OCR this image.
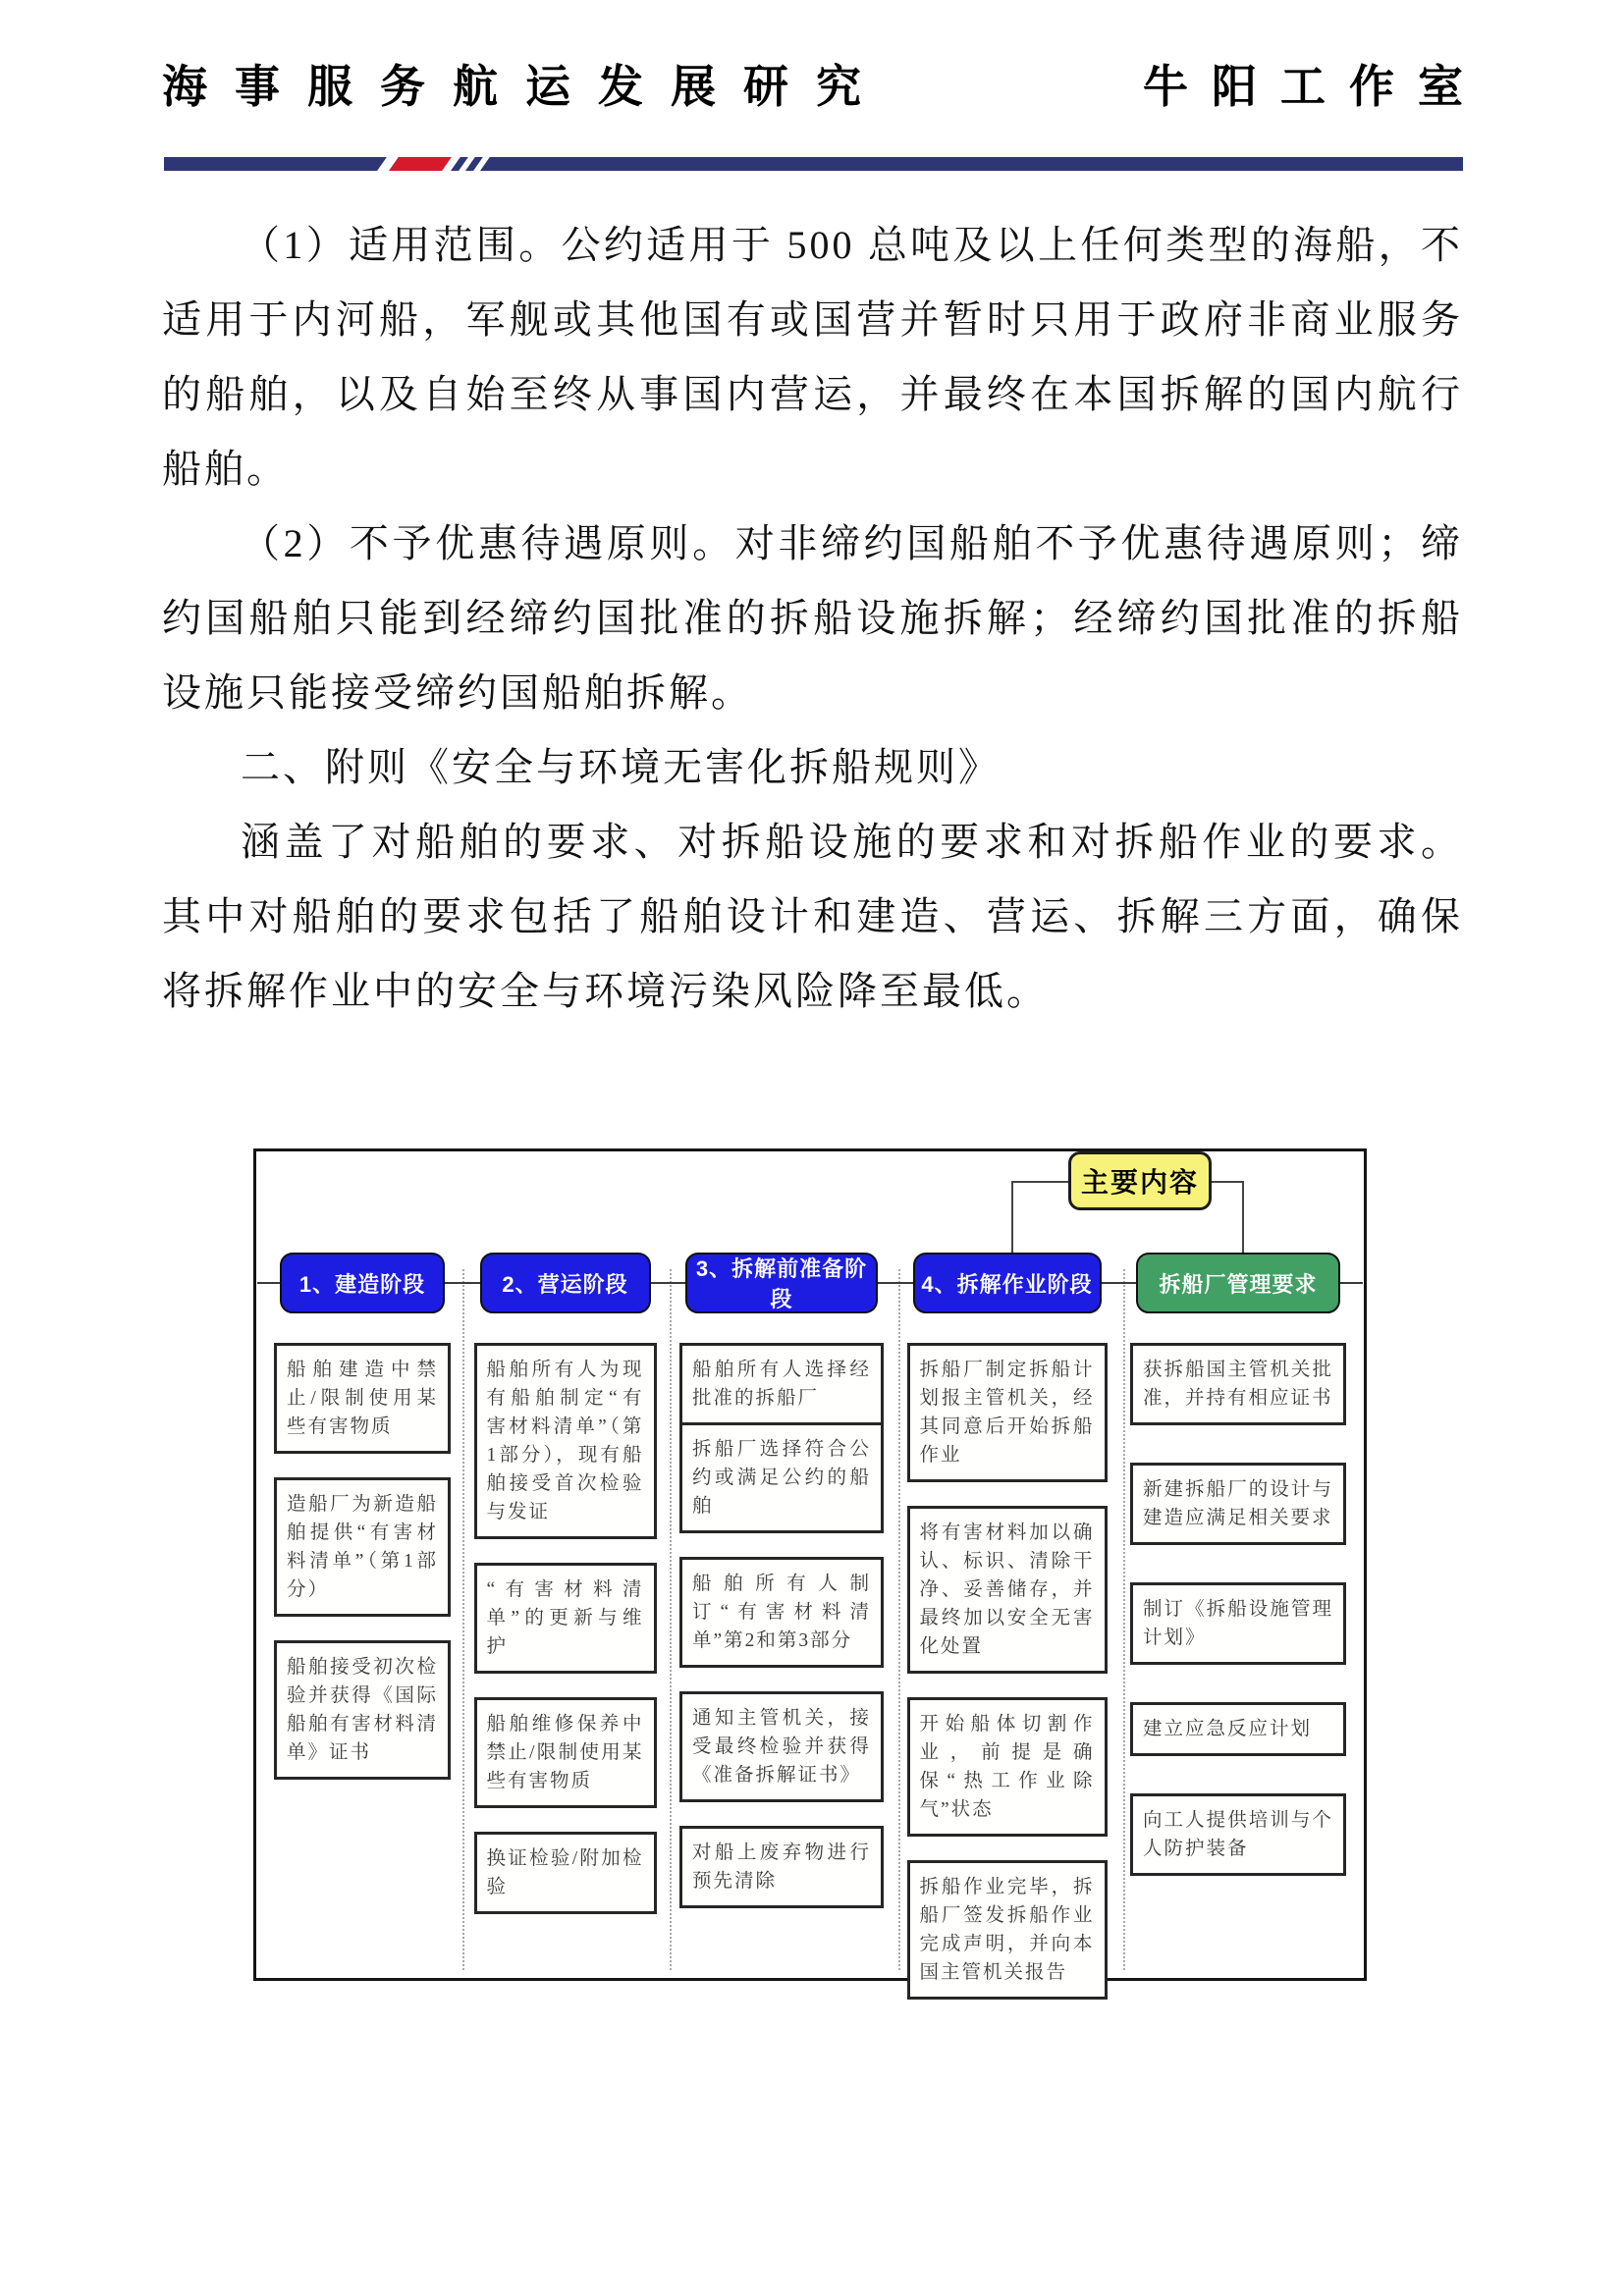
海事服务航运发展研究	牛阳工作室

（1）适用范围。公约适用于 500 总吨及以上任何类型的海船，不适用于内河船，军舰或其他国有或国营并暂时只用于政府非商业服务的船舶，以及自始至终从事国内营运，并最终在本国拆解的国内航行船舶。

（2）不予优惠待遇原则。对非缔约国船舶不予优惠待遇原则；缔约国船舶只能到经缔约国批准的拆船设施拆解；经缔约国批准的拆船设施只能接受缔约国船舶拆解。

二、附则《安全与环境无害化拆船规则》

涵盖了对船舶的要求、对拆船设施的要求和对拆船作业的要求。其中对船舶的要求包括了船舶设计和建造、营运、拆解三方面，确保将拆解作业中的安全与环境污染风险降至最低。

主要内容
1、建造阶段
船舶建造中禁止/限制使用某些有害物质
造船厂为新造船舶提供“有害材料清单”（第1部分）
船舶接受初次检验并获得《国际船舶有害材料清单》证书
2、营运阶段
船舶所有人为现有船舶制定“有害材料清单”（第1部分），现有船舶接受首次检验与发证
“有害材料清单”的更新与维护
船舶维修保养中禁止/限制使用某些有害物质
换证检验/附加检验
3、拆解前准备阶段
船舶所有人选择经批准的拆船厂
拆船厂选择符合公约或满足公约的船舶
船舶所有人制订“有害材料清单”第2和第3部分
通知主管机关，接受最终检验并获得《准备拆解证书》
对船上废弃物进行预先清除
4、拆解作业阶段
拆船厂制定拆船计划报主管机关，经其同意后开始拆船作业
将有害材料加以确认、标识、清除干净、妥善储存，并最终加以安全无害化处置
开始船体切割作业，前提是确保“热工作业除气”状态
拆船作业完毕，拆船厂签发拆船作业完成声明，并向本国主管机关报告
拆船厂管理要求
获拆船国主管机关批准，并持有相应证书
新建拆船厂的设计与建造应满足相关要求
制订《拆船设施管理计划》
建立应急反应计划
向工人提供培训与个人防护装备
